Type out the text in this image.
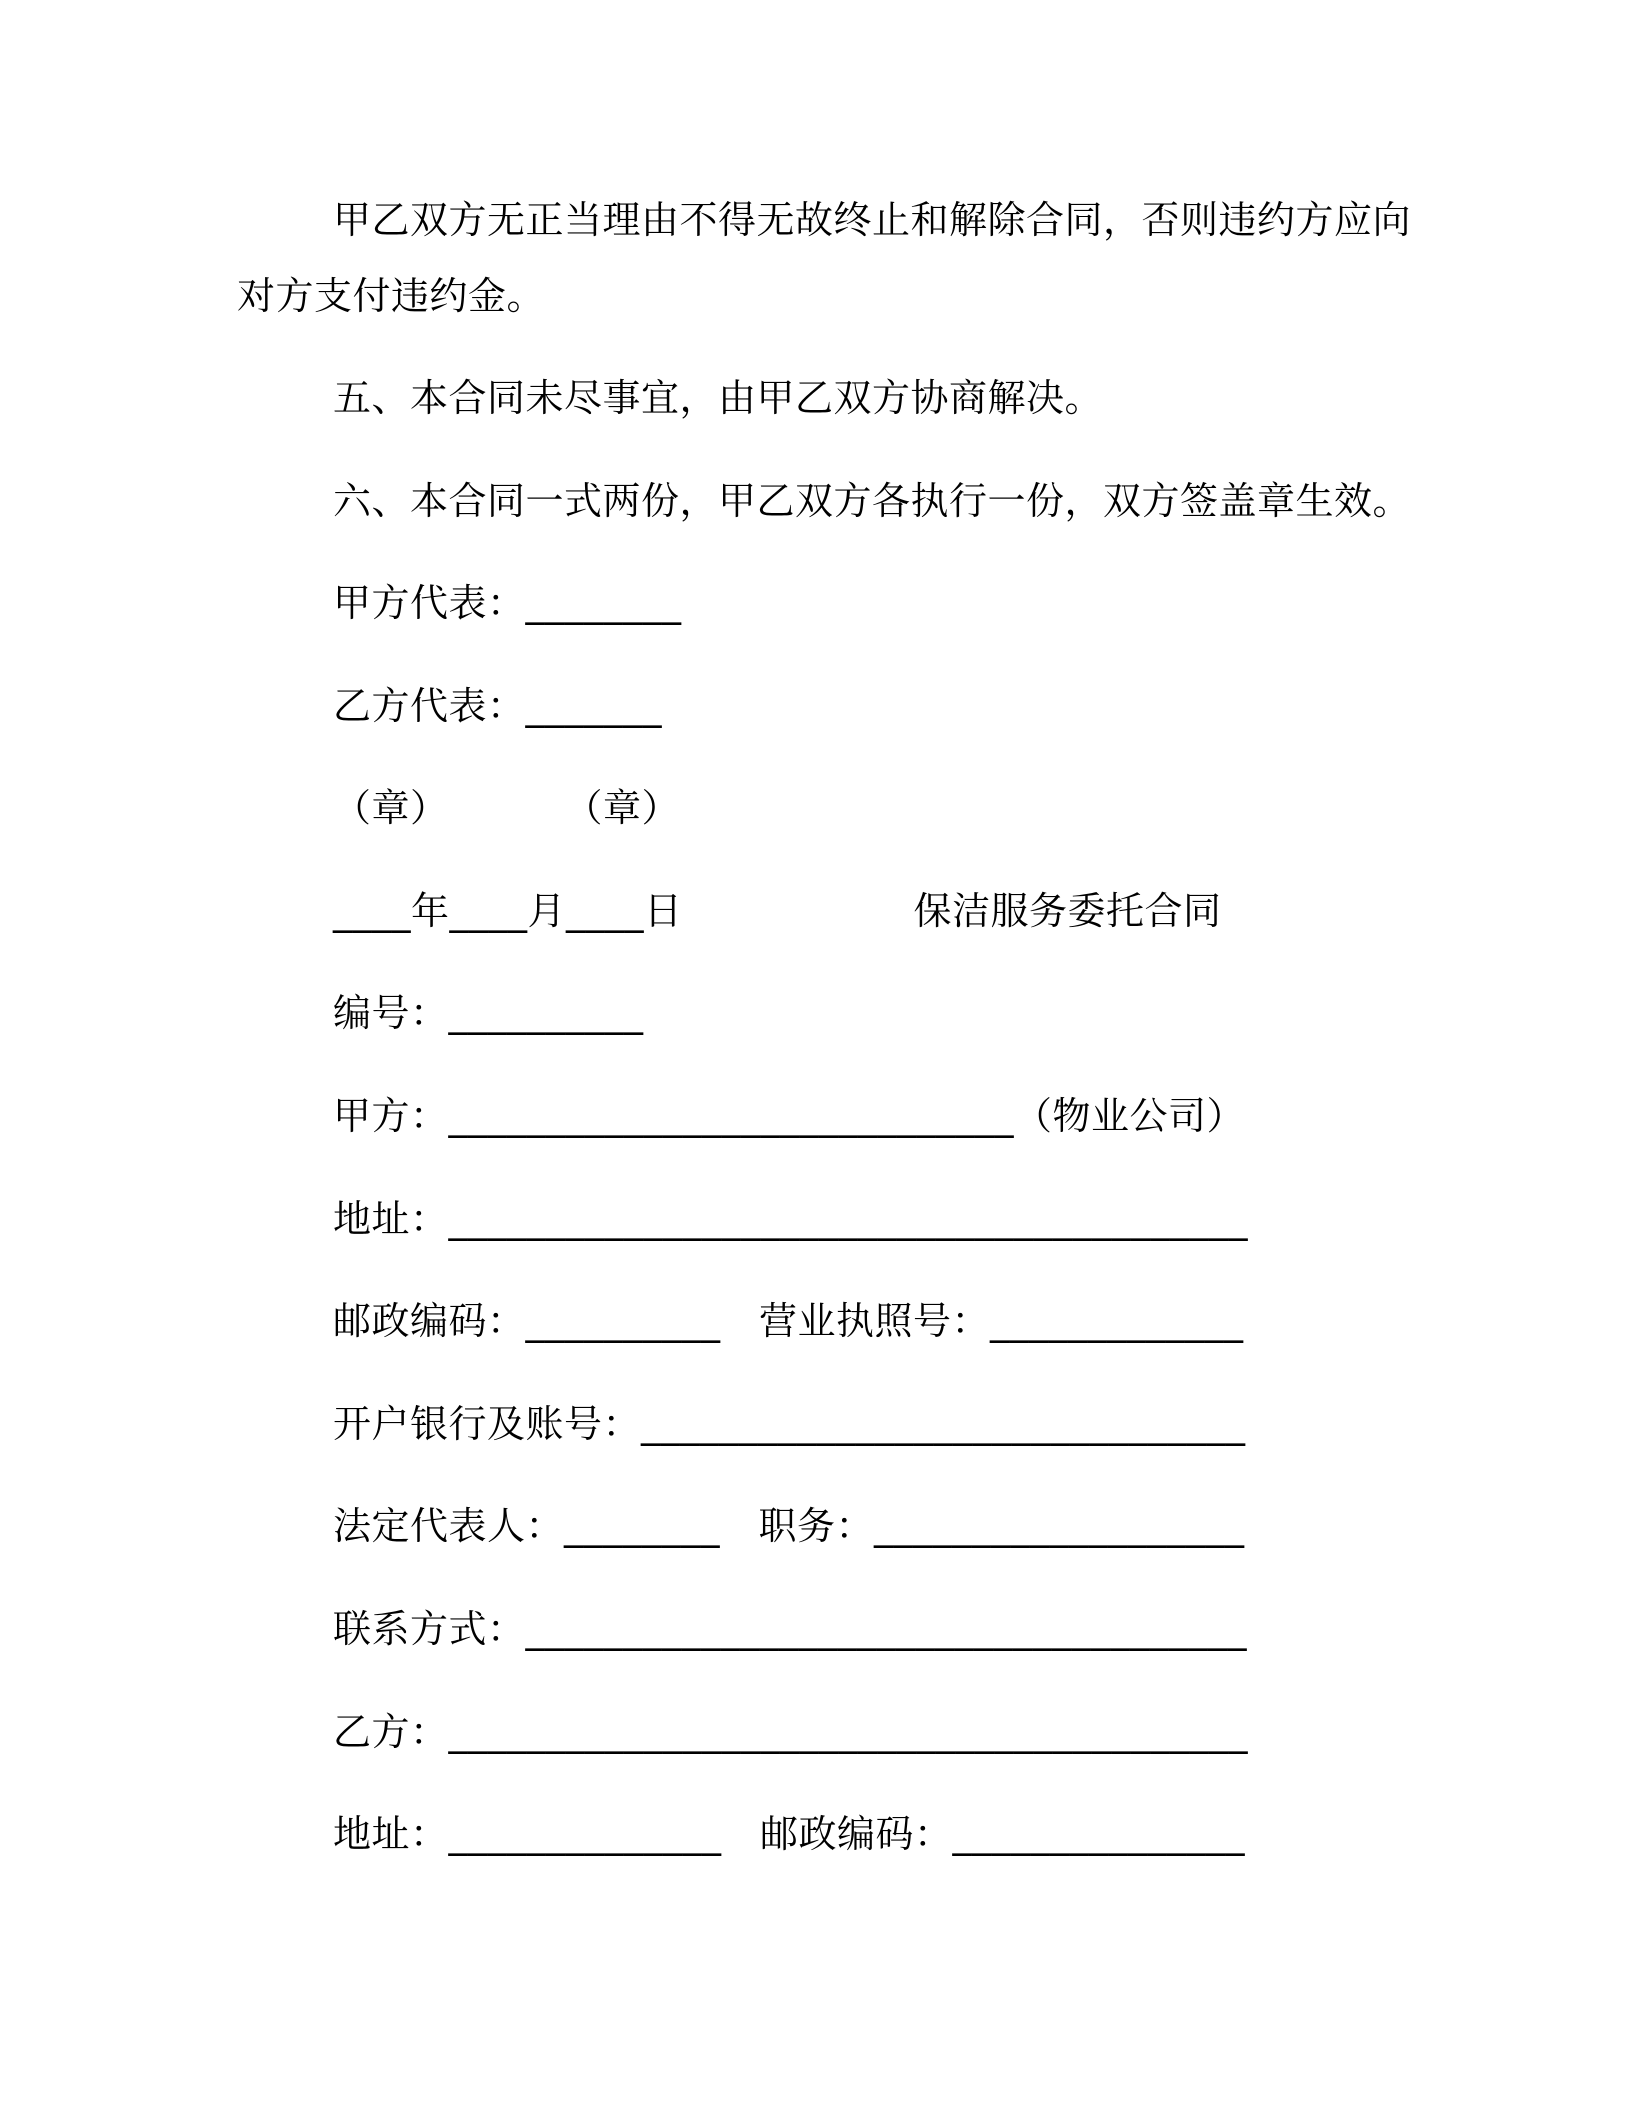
甲乙双方无正当理由不得无故终止和解除合同，否则违约方应向
对方支付违约金。
五、本合同未尽事宜，由甲乙双方协商解决。
六、本合同一式两份，甲乙双方各执行一份，双方签盖章生效。
甲方代表：________
乙方代表：_______
（章）　　　　（章）
____年____月____日　　　　　　保洁服务委托合同
编号：__________
甲方：_____________________________（物业公司）
地址：_________________________________________
邮政编码：__________　营业执照号：_____________
开户银行及账号：_______________________________
法定代表人：________　职务：___________________
联系方式：_____________________________________
乙方：_________________________________________
地址：______________　邮政编码：_______________
